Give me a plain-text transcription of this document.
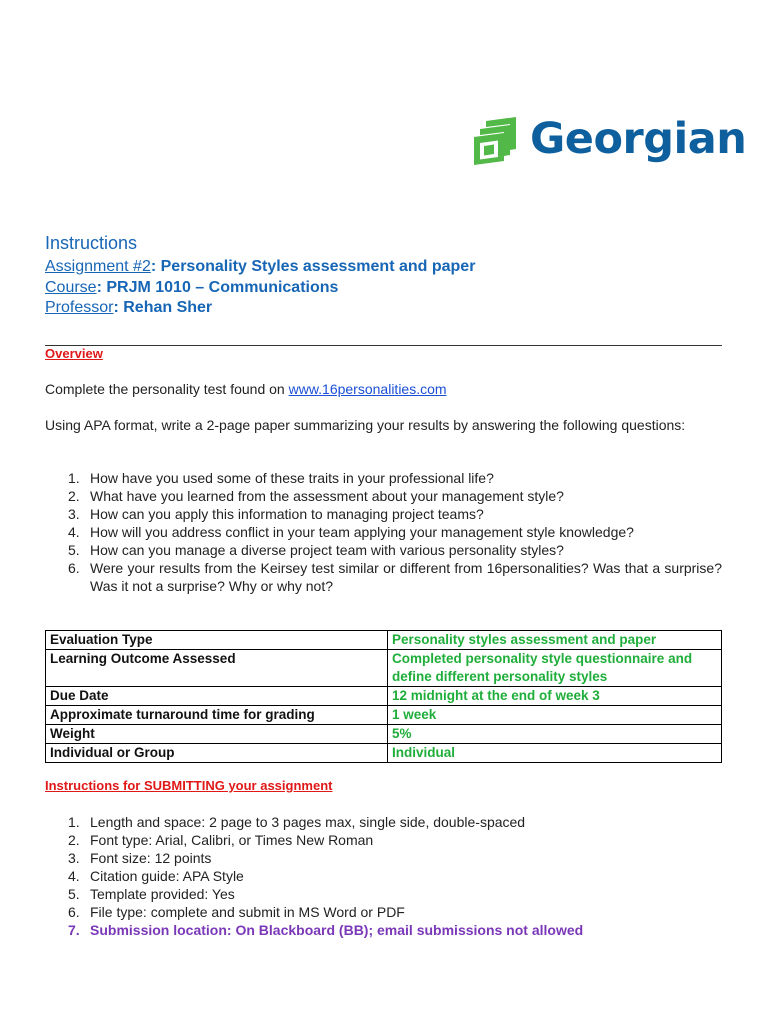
Georgian
Instructions
Assignment #2: Personality Styles assessment and paper
Course: PRJM 1010 – Communications
Professor: Rehan Sher
Overview
Complete the personality test found on www.16personalities.com
Using APA format, write a 2-page paper summarizing your results by answering the following questions:
1. How have you used some of these traits in your professional life?
2. What have you learned from the assessment about your management style?
3. How can you apply this information to managing project teams?
4. How will you address conflict in your team applying your management style knowledge?
5. How can you manage a diverse project team with various personality styles?
6. Were your results from the Keirsey test similar or different from 16personalities? Was that a surprise? Was it not a surprise? Why or why not?
Evaluation Type	Personality styles assessment and paper
Learning Outcome Assessed	Completed personality style questionnaire and define different personality styles
Due Date	12 midnight at the end of week 3
Approximate turnaround time for grading	1 week
Weight	5%
Individual or Group	Individual
Instructions for SUBMITTING your assignment
1. Length and space: 2 page to 3 pages max, single side, double-spaced
2. Font type: Arial, Calibri, or Times New Roman
3. Font size: 12 points
4. Citation guide: APA Style
5. Template provided: Yes
6. File type: complete and submit in MS Word or PDF
7. Submission location: On Blackboard (BB); email submissions not allowed
